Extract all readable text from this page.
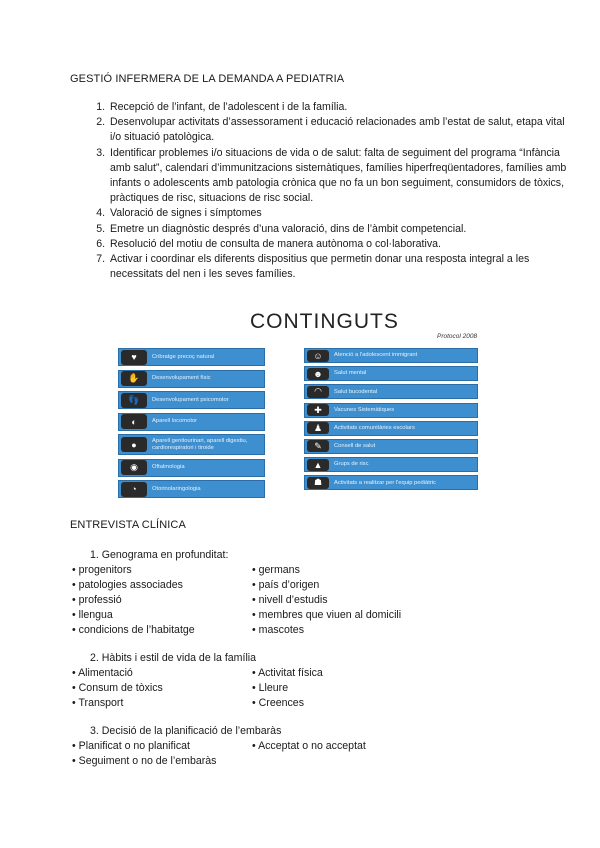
GESTIÓ INFERMERA DE LA DEMANDA A PEDIATRIA
1. Recepció de l’infant, de l’adolescent i de la família.
2. Desenvolupar activitats d’assessorament i educació relacionades amb l’estat de salut, etapa vital i/o situació patològica.
3. Identificar problemes i/o situacions de vida o de salut: falta de seguiment del programa “Infància amb salut”, calendari d’immunitzacions sistemàtiques, famílies hiperfreqüentadores, famílies amb infants o adolescents amb patologia crònica que no fa un bon seguiment, consumidors de tòxics, pràctiques de risc, situacions de risc social.
4. Valoració de signes i símptomes
5. Emetre un diagnòstic després d’una valoració, dins de l’àmbit competencial.
6. Resolució del motiu de consulta de manera autònoma o col·laborativa.
7. Activar i coordinar els diferents dispositius que permetin donar una resposta integral a les necessitats del nen i les seves famílies.
CONTINGUTS
Protocol 2008
♥	Cribratge precoç natural
✋	Desenvolupament físic
👣	Desenvolupament psicomotor
◐	Aparell locomotor
●	Aparell genitourinari, aparell digestiu, cardiorespiratori i tiroide
◉	Oftalmologia
◔	Otorinolaringologia
☺	Atenció a l'adolescent immigrant
☻	Salut mental
◠	Salut bucodental
✚	Vacunes Sistemàtiques
♟	Activitats comunitàries escolars
✎	Consell de salut
▲	Grups de risc
☗	Activitats a realitzar per l'equip pediàtric
ENTREVISTA CLÍNICA
1. Genograma en profunditat:
• progenitors
• patologies associades
• professió
• llengua
• condicions de l’habitatge
• germans
• país d’origen
• nivell d’estudis
• membres que viuen al domicili
• mascotes
2. Hàbits i estil de vida de la família
• Alimentació
• Consum de tòxics
• Transport
• Activitat física
• Lleure
• Creences
3. Decisió de la planificació de l’embaràs
• Planificat o no planificat
• Seguiment o no de l’embaràs
• Acceptat o no acceptat
